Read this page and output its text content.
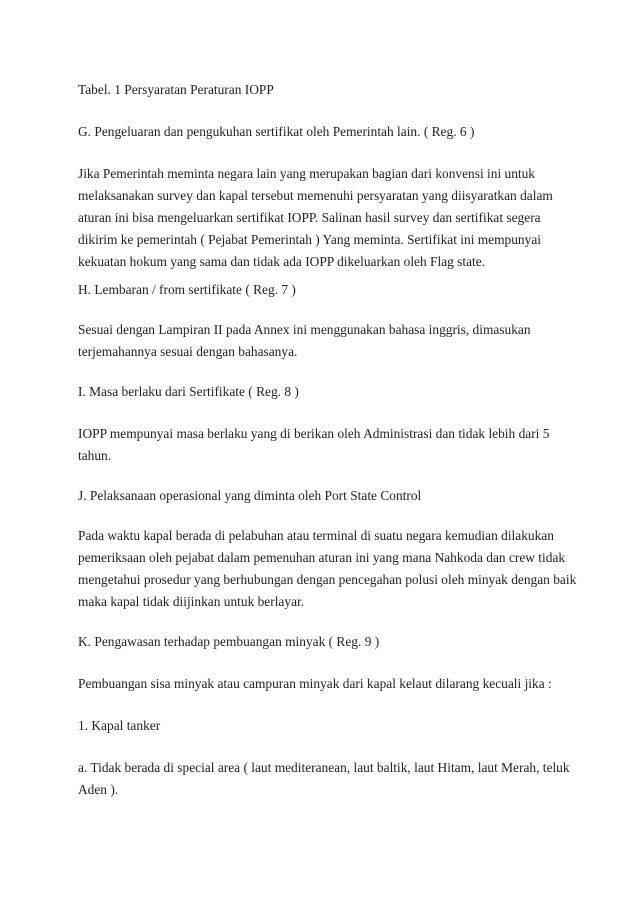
Tabel. 1 Persyaratan Peraturan IOPP

G. Pengeluaran dan pengukuhan sertifikat oleh Pemerintah lain. ( Reg. 6 )

Jika Pemerintah meminta negara lain yang merupakan bagian dari konvensi ini untuk

melaksanakan survey dan kapal tersebut memenuhi persyaratan yang diisyaratkan dalam

aturan ini bisa mengeluarkan sertifikat IOPP. Salinan hasil survey dan sertifikat segera

dikirim ke pemerintah ( Pejabat Pemerintah ) Yang meminta. Sertifikat ini mempunyai

kekuatan hokum yang sama dan tidak ada IOPP dikeluarkan oleh Flag state.

H. Lembaran / from sertifikate ( Reg. 7 )

Sesuai dengan Lampiran II pada Annex ini menggunakan bahasa inggris, dimasukan

terjemahannya sesuai dengan bahasanya.

I. Masa berlaku dari Sertifikate ( Reg. 8 )

IOPP mempunyai masa berlaku yang di berikan oleh Administrasi dan tidak lebih dari 5

tahun.

J. Pelaksanaan operasional yang diminta oleh Port State Control

Pada waktu kapal berada di pelabuhan atau terminal di suatu negara kemudian dilakukan

pemeriksaan oleh pejabat dalam pemenuhan aturan ini yang mana Nahkoda dan crew tidak

mengetahui prosedur yang berhubungan dengan pencegahan polusi oleh minyak dengan baik

maka kapal tidak diijinkan untuk berlayar.

K. Pengawasan terhadap pembuangan minyak ( Reg. 9 )

Pembuangan sisa minyak atau campuran minyak dari kapal kelaut dilarang kecuali jika :

1. Kapal tanker

a. Tidak berada di special area ( laut mediteranean, laut baltik, laut Hitam, laut Merah, teluk

Aden ).
